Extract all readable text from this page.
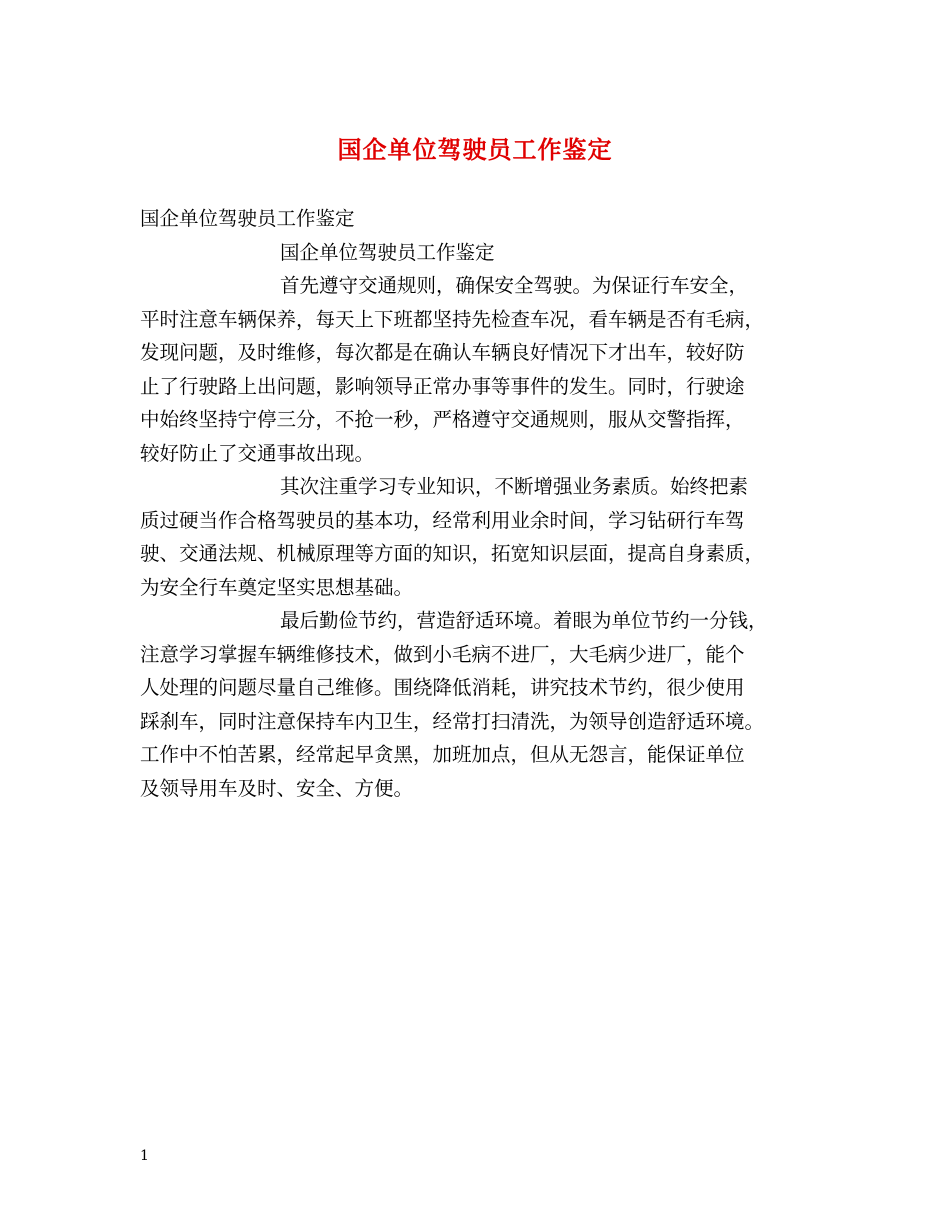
国企单位驾驶员工作鉴定
国企单位驾驶员工作鉴定
国企单位驾驶员工作鉴定
首先遵守交通规则，确保安全驾驶。为保证行车安全，
平时注意车辆保养，每天上下班都坚持先检查车况，看车辆是否有毛病，
发现问题，及时维修，每次都是在确认车辆良好情况下才出车，较好防
止了行驶路上出问题，影响领导正常办事等事件的发生。同时，行驶途
中始终坚持宁停三分，不抢一秒，严格遵守交通规则，服从交警指挥，
较好防止了交通事故出现。
其次注重学习专业知识，不断增强业务素质。始终把素
质过硬当作合格驾驶员的基本功，经常利用业余时间，学习钻研行车驾
驶、交通法规、机械原理等方面的知识，拓宽知识层面，提高自身素质，
为安全行车奠定坚实思想基础。
最后勤俭节约，营造舒适环境。着眼为单位节约一分钱，
注意学习掌握车辆维修技术，做到小毛病不进厂，大毛病少进厂，能个
人处理的问题尽量自己维修。围绕降低消耗，讲究技术节约，很少使用
踩刹车，同时注意保持车内卫生，经常打扫清洗，为领导创造舒适环境。
工作中不怕苦累，经常起早贪黑，加班加点，但从无怨言，能保证单位
及领导用车及时、安全、方便。
1
